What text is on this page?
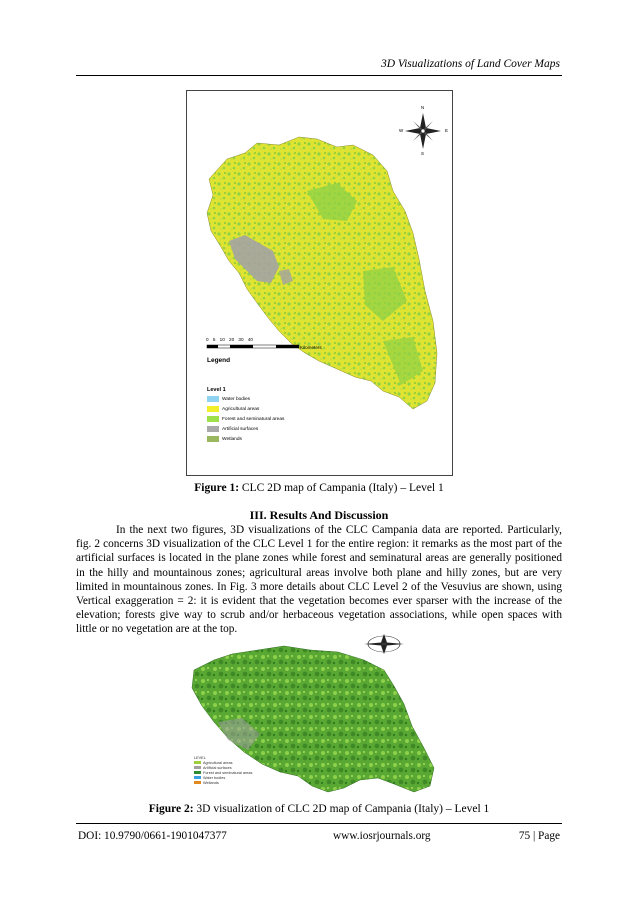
3D Visualizations of Land Cover Maps
N
S
W	E
0 5 10 20 30 40
Kilometers
Legend
Level 1
Water bodies
Agricultural areas
Forest and seminatural areas
Artificial surfaces
Wetlands
Figure 1: CLC 2D map of Campania (Italy) – Level 1
III. Results And Discussion
In the next two figures, 3D visualizations of the CLC Campania data are reported. Particularly, fig. 2 concerns 3D visualization of the CLC Level 1 for the entire region: it remarks as the most part of the artificial surfaces is located in the plane zones while forest and seminatural areas are generally positioned in the hilly and mountainous zones; agricultural areas involve both plane and hilly zones, but are very limited in mountainous zones. In Fig. 3 more details about CLC Level 2 of the Vesuvius are shown, using Vertical exaggeration = 2: it is evident that the vegetation becomes ever sparser with the increase of the elevation; forests give way to scrub and/or herbaceous vegetation associations, while open spaces with little or no vegetation are at the top.
LEVEL
Agricultural areas
Artificial surfaces
Forest and seminatural areas
Water bodies
Wetlands
Figure 2: 3D visualization of CLC 2D map of Campania (Italy) – Level 1
DOI: 10.9790/0661-1901047377	www.iosrjournals.org	75 | Page
